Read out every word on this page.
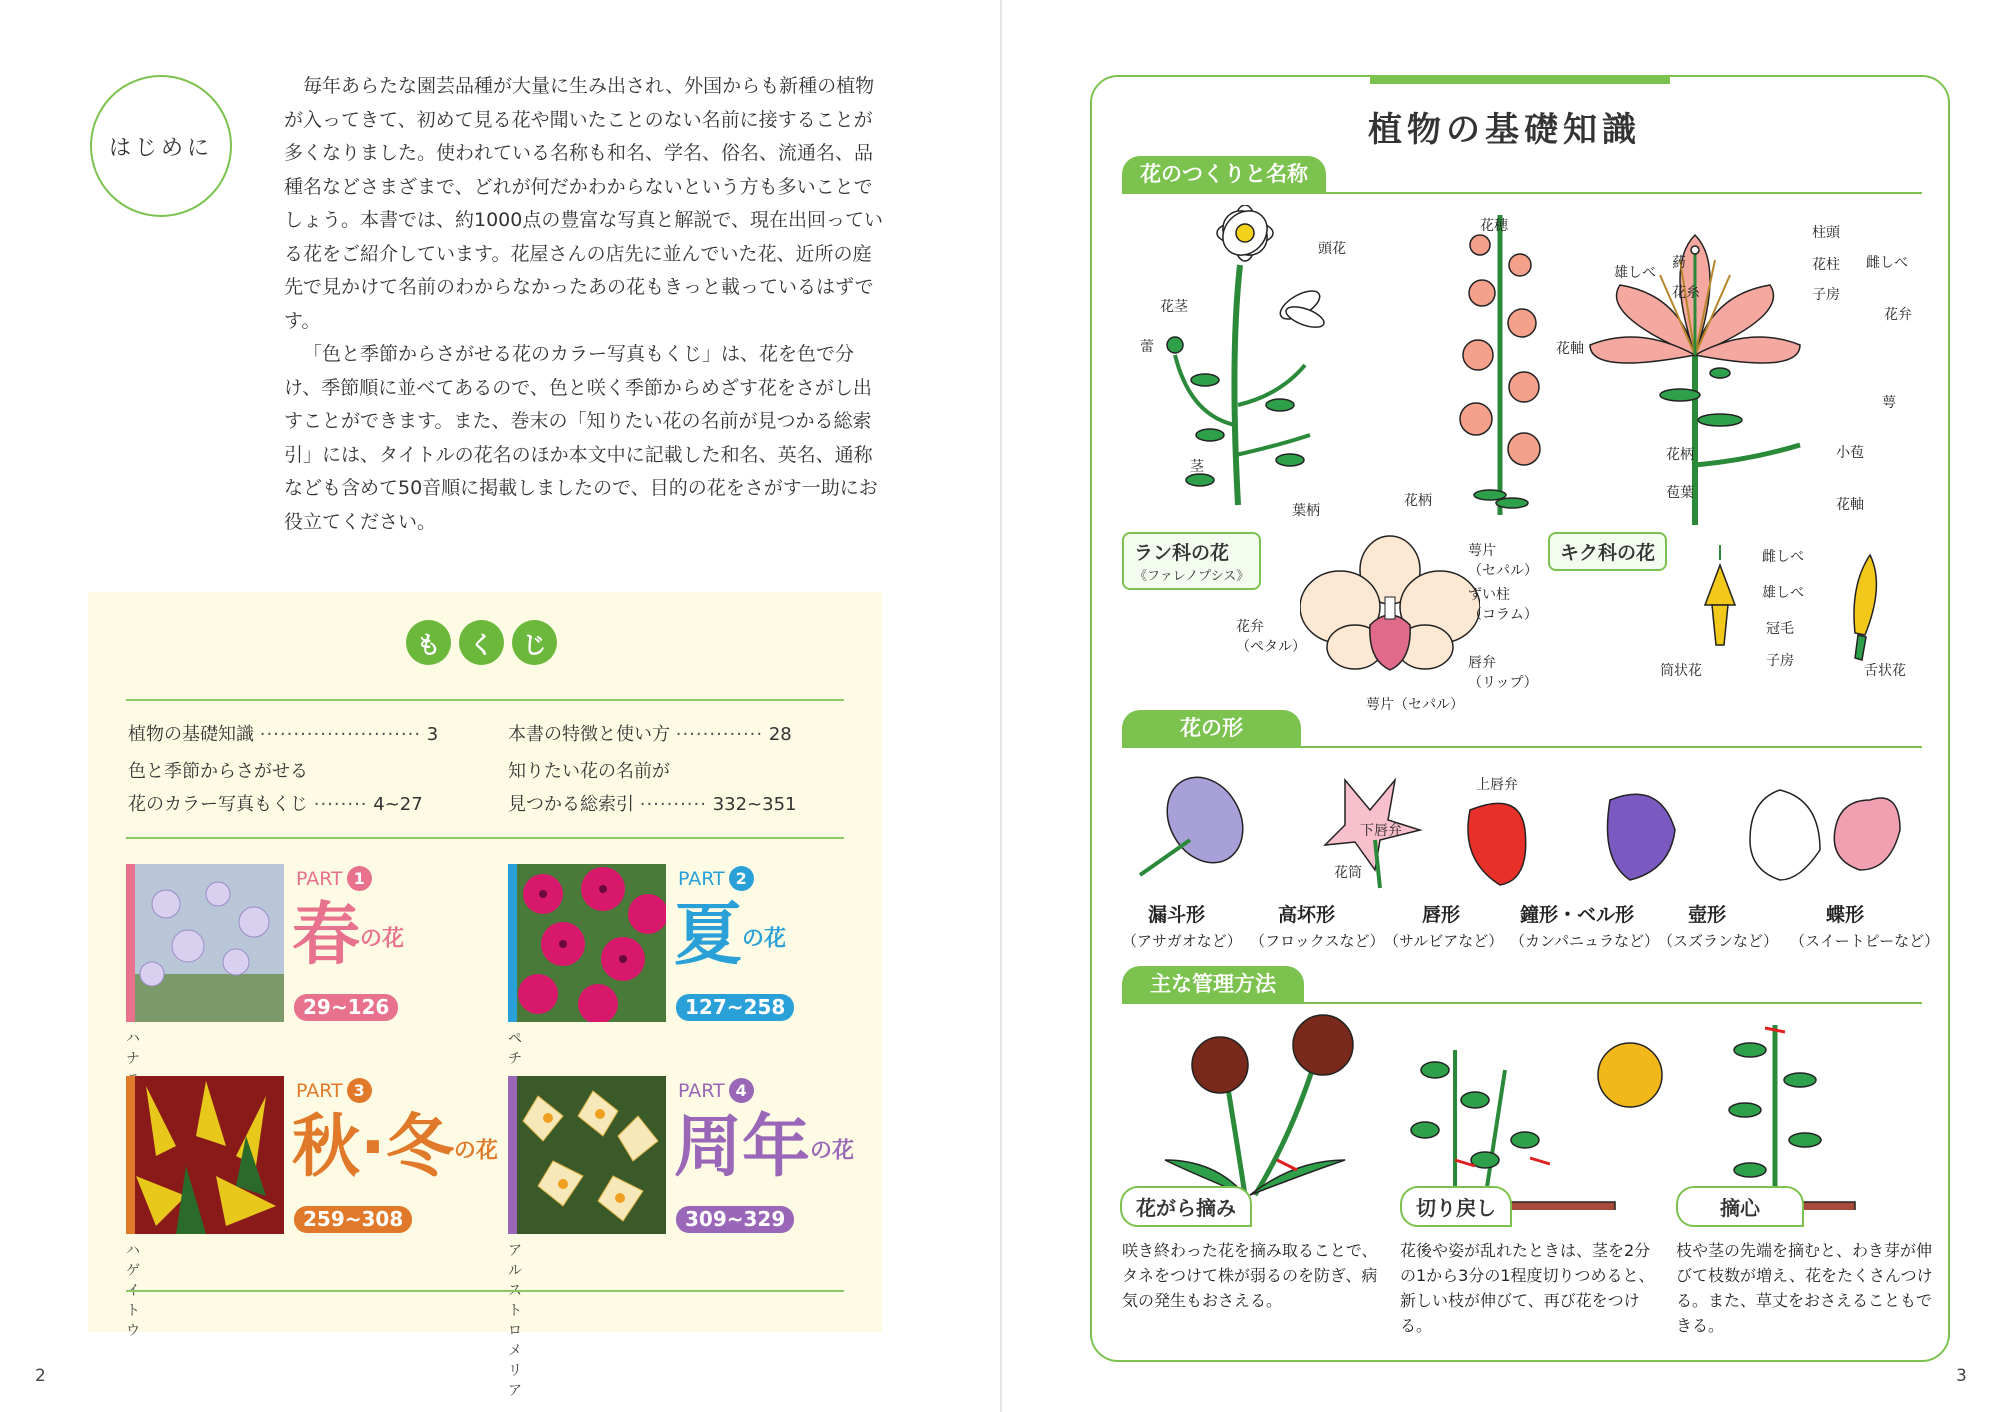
はじめに

毎年あらたな園芸品種が大量に生み出され、外国からも新種の植物が入ってきて、初めて見る花や聞いたことのない名前に接することが多くなりました。使われている名称も和名、学名、俗名、流通名、品種名などさまざまで、どれが何だかわからないという方も多いことでしょう。本書では、約1000点の豊富な写真と解説で、現在出回っている花をご紹介しています。花屋さんの店先に並んでいた花、近所の庭先で見かけて名前のわからなかったあの花もきっと載っているはずです。

「色と季節からさがせる花のカラー写真もくじ」は、花を色で分け、季節順に並べてあるので、色と咲く季節からめざす花をさがし出すことができます。また、巻末の「知りたい花の名前が見つかる総索引」には、タイトルの花名のほか本文中に記載した和名、英名、通称なども含めて50音順に掲載しましたので、目的の花をさがす一助にお役立てください。

も	く	じ
植物の基礎知識 ························ 3	本書の特徴と使い方 ············· 28
色と季節からさがせる
花のカラー写真もくじ ········ 4~27
知りたい花の名前が
見つかる総索引 ·········· 332~351
PART 1
春の花
29~126
ハナ
PART 2
夏の花
127~258
ペチ
PART 3
秋·冬の花
259~308
ハゲイトウ
PART 4
周年の花
309~329
アルストロメリア
2
植物の基礎知識
花のつくりと名称
頭花
花茎
蕾
茎
葉柄
花穂
花軸
花柄
葯
雄しべ
花糸
柱頭
花柱
子房
雌しべ
花弁
萼
小苞
花柄
苞葉
花軸
ラン科の花
《ファレノプシス》
萼片
（セパル）
ずい柱
（コラム）
花弁
（ペタル）
唇弁
（リップ）
萼片（セパル）
キク科の花	雌しべ
雄しべ
冠毛
子房
筒状花	舌状花
花の形
上唇弁
下唇弁
花筒
漏斗形	高坏形	唇形	鐘形・ベル形	壺形	蝶形
（アサガオなど） （フロックスなど） （サルビアなど） （カンパニュラなど） （スズランなど） （スイートピーなど）
主な管理方法
花がら摘み	切り戻し	摘心
咲き終わった花を摘み取ることで、タネをつけて株が弱るのを防ぎ、病気の発生もおさえる。
花後や姿が乱れたときは、茎を2分の1から3分の1程度切りつめると、新しい枝が伸びて、再び花をつける。
枝や茎の先端を摘むと、わき芽が伸びて枝数が増え、花をたくさんつける。また、草丈をおさえることもできる。
3
